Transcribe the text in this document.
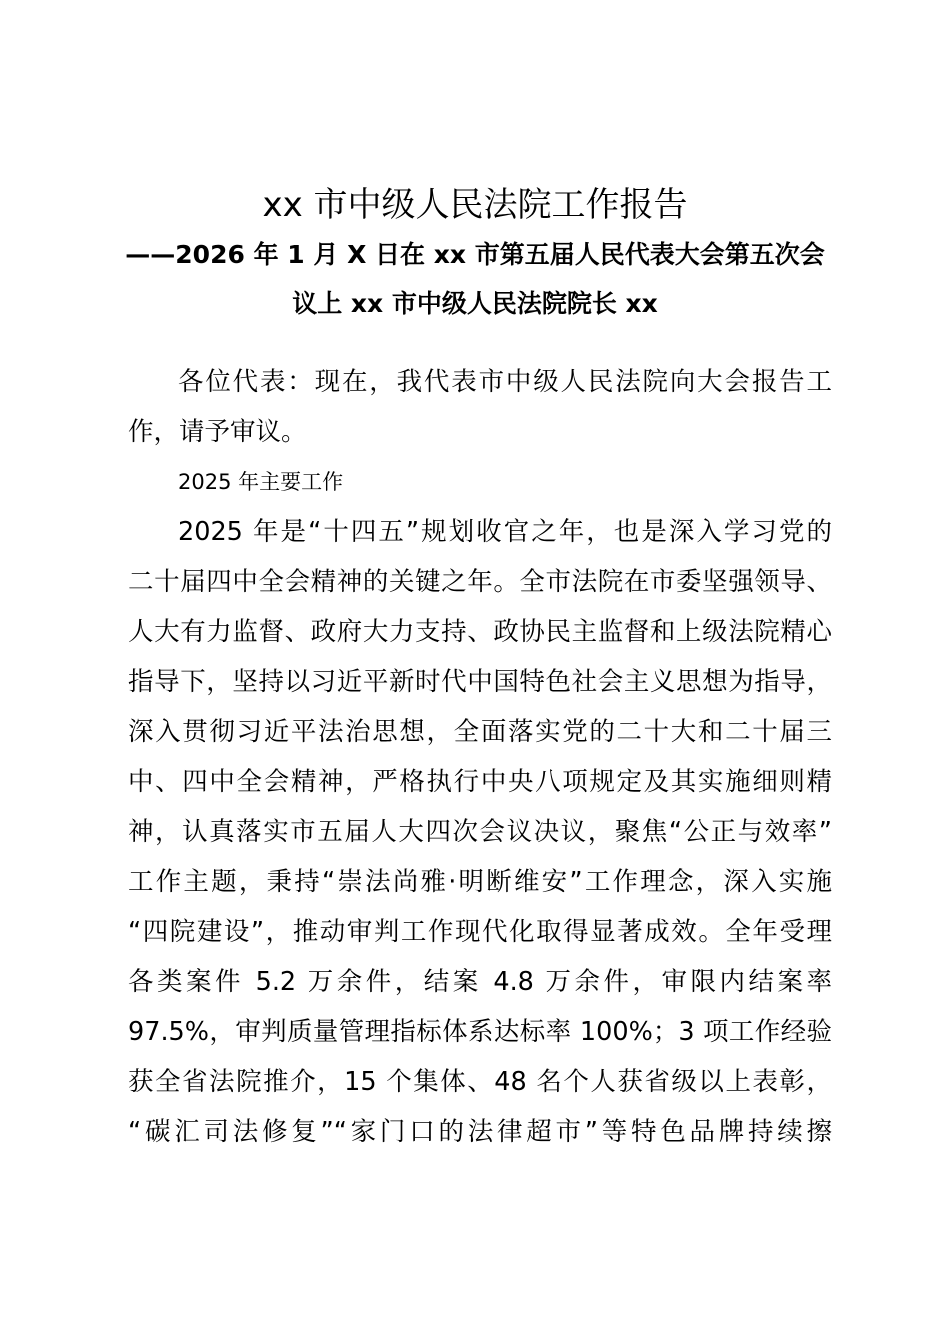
xx 市中级人民法院工作报告
——2026 年 1 月 X 日在 xx 市第五届人民代表大会第五次会
议上 xx 市中级人民法院院长 xx
各位代表：现在，我代表市中级人民法院向大会报告工
作，请予审议。
2025 年主要工作
2025 年是“十四五”规划收官之年，也是深入学习党的
二十届四中全会精神的关键之年。全市法院在市委坚强领导、
人大有力监督、政府大力支持、政协民主监督和上级法院精心
指导下，坚持以习近平新时代中国特色社会主义思想为指导，
深入贯彻习近平法治思想，全面落实党的二十大和二十届三
中、四中全会精神，严格执行中央八项规定及其实施细则精
神，认真落实市五届人大四次会议决议，聚焦“公正与效率”
工作主题，秉持“崇法尚雅·明断维安”工作理念，深入实施
“四院建设”，推动审判工作现代化取得显著成效。全年受理
各类案件 5.2 万余件，结案 4.8 万余件，审限内结案率
97.5%，审判质量管理指标体系达标率 100%；3 项工作经验
获全省法院推介，15 个集体、48 名个人获省级以上表彰，
“碳汇司法修复”“家门口的法律超市”等特色品牌持续擦
